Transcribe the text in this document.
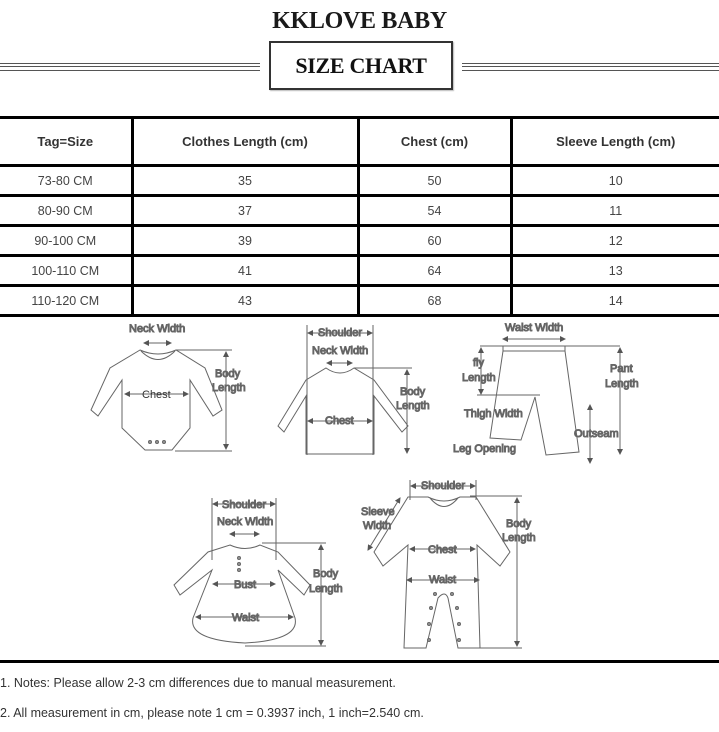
KKLOVE BABY
SIZE CHART
Tag=Size	Clothes Length (cm)	Chest (cm)	Sleeve Length (cm)
73-80 CM	35	50	10
80-90 CM	37	54	11
90-100 CM	39	60	12
100-110 CM	41	64	13
110-120 CM	43	68	14
Neck Width
Chest
Body
Length
Shoulder
Neck Width
Chest
Body
Length
Waist Width
fly
Length
Pant
Length
Thigh Width
Outseam
Leg Opening
Shoulder
Neck Width
Bust
Waist
Body
Length
Shoulder
Sleeve
Width
Chest
Waist
Body
Length
1. Notes: Please allow 2-3 cm differences due to manual measurement.
2. All measurement in cm, please note 1 cm = 0.3937 inch, 1 inch=2.540 cm.
